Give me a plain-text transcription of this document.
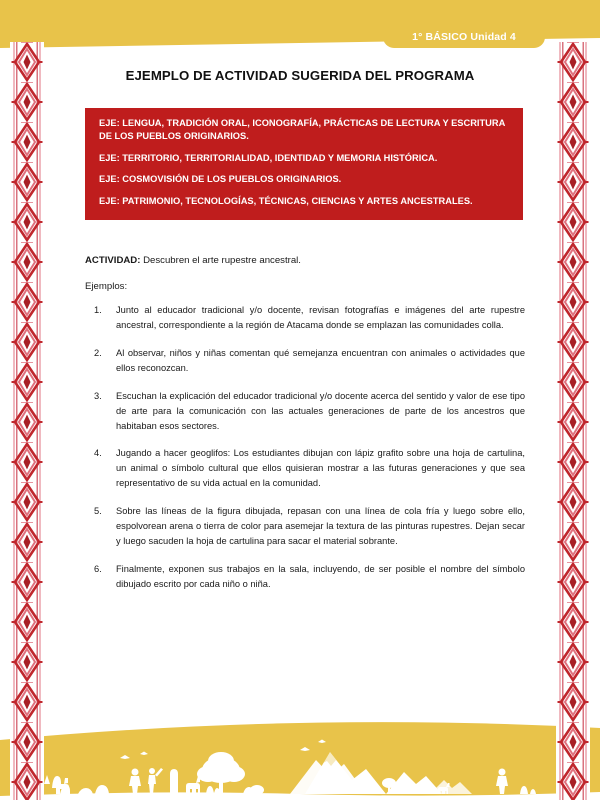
1° BÁSICO Unidad 4
EJEMPLO DE ACTIVIDAD SUGERIDA DEL PROGRAMA
EJE: LENGUA, TRADICIÓN ORAL, ICONOGRAFÍA, PRÁCTICAS DE LECTURA Y ESCRITURA DE LOS PUEBLOS ORIGINARIOS.
EJE: TERRITORIO, TERRITORIALIDAD, IDENTIDAD Y MEMORIA HISTÓRICA.
EJE: COSMOVISIÓN DE LOS PUEBLOS ORIGINARIOS.
EJE: PATRIMONIO, TECNOLOGÍAS, TÉCNICAS, CIENCIAS Y ARTES ANCESTRALES.

ACTIVIDAD: Descubren el arte rupestre ancestral.

Ejemplos:

Junto al educador tradicional y/o docente, revisan fotografías e imágenes del arte rupestre ancestral, correspondiente a la región de Atacama donde se emplazan las comunidades colla.
Al observar, niños y niñas comentan qué semejanza encuentran con animales o actividades que ellos reconozcan.
Escuchan la explicación del educador tradicional y/o docente acerca del sentido y valor de ese tipo de arte para la comunicación con las actuales generaciones de parte de los ancestros que habitaban esos sectores.
Jugando a hacer geoglifos: Los estudiantes dibujan con lápiz grafito sobre una hoja de cartulina, un animal o símbolo cultural que ellos quisieran mostrar a las futuras generaciones y que sea representativo de su vida actual en la comunidad.
Sobre las líneas de la figura dibujada, repasan con una línea de cola fría y luego sobre ello, espolvorean arena o tierra de color para asemejar la textura de las pinturas rupestres. Dejan secar y luego sacuden la hoja de cartulina para sacar el material sobrante.
Finalmente, exponen sus trabajos en la sala, incluyendo, de ser posible el nombre del símbolo dibujado escrito por cada niño o niña.
